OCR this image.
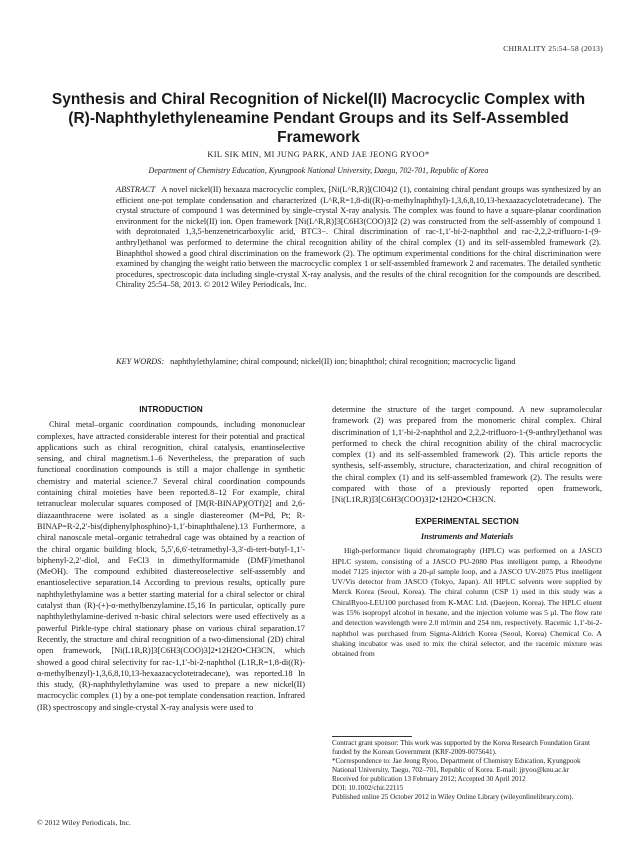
CHIRALITY 25:54–58 (2013)
Synthesis and Chiral Recognition of Nickel(II) Macrocyclic Complex with (R)-Naphthylethyleneamine Pendant Groups and its Self-Assembled Framework
KIL SIK MIN, MI JUNG PARK, AND JAE JEONG RYOO*
Department of Chemistry Education, Kyungpook National University, Daegu, 702-701, Republic of Korea
ABSTRACT A novel nickel(II) hexaaza macrocyclic complex, [Ni(L^R,R)](ClO4)2 (1), containing chiral pendant groups was synthesized by an efficient one-pot template condensation and characterized (L^R,R=1,8-di((R)-α-methylnaphthyl)-1,3,6,8,10,13-hexaazacyclotetradecane). The crystal structure of compound 1 was determined by single-crystal X-ray analysis. The complex was found to have a square-planar coordination environment for the nickel(II) ion. Open framework [Ni(L^R,R)]3[C6H3(COO)3]2 (2) was constructed from the self-assembly of compound 1 with deprotonated 1,3,5-benzenetricarboxylic acid, BTC3−. Chiral discrimination of rac-1,1′-bi-2-naphthol and rac-2,2,2-trifluoro-1-(9-anthryl)ethanol was performed to determine the chiral recognition ability of the chiral complex (1) and its self-assembled framework (2). Binaphthol showed a good chiral discrimination on the framework (2). The optimum experimental conditions for the chiral discrimination were examined by changing the weight ratio between the macrocyclic complex 1 or self-assembled framework 2 and racemates. The detailed synthetic procedures, spectroscopic data including single-crystal X-ray analysis, and the results of the chiral recognition for the compounds are described. Chirality 25:54–58, 2013. © 2012 Wiley Periodicals, Inc.
KEY WORDS: naphthylethylamine; chiral compound; nickel(II) ion; binaphthol; chiral recognition; macrocyclic ligand
INTRODUCTION

Chiral metal–organic coordination compounds, including mononuclear complexes, have attracted considerable interest for their potential and practical applications such as chiral recognition, chiral catalysis, enantioselective sensing, and chiral magnetism.1–6 Nevertheless, the preparation of such functional coordination compounds is still a major challenge in synthetic chemistry and material science.7 Several chiral coordination compounds containing chiral moieties have been reported.8–12 For example, chiral tetranuclear molecular squares composed of [M(R-BINAP)(OTf)2] and 2,6-diazaanthracene were isolated as a single diastereomer (M=Pd, Pt; R-BINAP=R-2,2′-bis(diphenylphosphino)-1,1′-binaphthalene).13 Furthermore, a chiral nanoscale metal–organic tetrahedral cage was obtained by a reaction of the chiral organic building block, 5,5′,6,6′-tetramethyl-3,3′-di-tert-butyl-1,1′-biphenyl-2,2′-diol, and FeCl3 in dimethylformamide (DMF)/methanol (MeOH). The compound exhibited diastereoselective self-assembly and enantioselective separation.14 According to previous results, optically pure naphthylethylamine was a better starting material for a chiral selector or chiral catalyst than (R)-(+)-α-methylbenzylamine.15,16 In particular, optically pure naphthylethylamine-derived π-basic chiral selectors were used effectively as a powerful Pirkle-type chiral stationary phase on various chiral separation.17 Recently, the structure and chiral recognition of a two-dimensional (2D) chiral open framework, [Ni(L1R,R)]3[C6H3(COO)3]2•12H2O•CH3CN, which showed a good chiral selectivity for rac-1,1′-bi-2-naphthol (L1R,R=1,8-di((R)-α-methylbenzyl)-1,3,6,8,10,13-hexaazacyclotetradecane), was reported.18 In this study, (R)-naphthylethylamine was used to prepare a new nickel(II) macrocyclic complex (1) by a one-pot template condensation reaction. Infrared (IR) spectroscopy and single-crystal X-ray analysis were used to

© 2012 Wiley Periodicals, Inc.

determine the structure of the target compound. A new supramolecular framework (2) was prepared from the monomeric chiral complex. Chiral discrimination of 1,1′-bi-2-naphthol and 2,2,2-trifluoro-1-(9-anthryl)ethanol was performed to check the chiral recognition ability of the chiral macrocyclic complex (1) and its self-assembled framework (2). This article reports the synthesis, self-assembly, structure, characterization, and chiral recognition of the chiral complex (1) and its self-assembled framework (2). The results were compared with those of a previously reported open framework, [Ni(L1R,R)]3[C6H3(COO)3]2•12H2O•CH3CN.

EXPERIMENTAL SECTION
Instruments and Materials

High-performance liquid chromatography (HPLC) was performed on a JASCO HPLC system, consisting of a JASCO PU-2080 Plus intelligent pump, a Rheodyne model 7125 injector with a 20-μl sample loop, and a JASCO UV-2075 Plus intelligent UV/Vis detector from JASCO (Tokyo, Japan). All HPLC solvents were supplied by Merck Korea (Seoul, Korea). The chiral column (CSP 1) used in this study was a ChiralRyoo-LEU100 purchased from K-MAC Ltd. (Daejeon, Korea). The HPLC eluent was 15% isopropyl alcohol in hexane, and the injection volume was 5 μl. The flow rate and detection wavelength were 2.0 ml/min and 254 nm, respectively. Racemic 1,1′-bi-2-naphthol was purchased from Sigma-Aldrich Korea (Seoul, Korea) Chemical Co. A shaking incubator was used to mix the chiral selector, and the racemic mixture was obtained from

Contract grant sponsor: This work was supported by the Korea Research Foundation Grant funded by the Korean Government (KRF-2009-0075641).
*Correspondence to: Jae Jeong Ryoo, Department of Chemistry Education, Kyungpook National University, Taegu, 702–701, Republic of Korea. E-mail: jjryoo@knu.ac.kr
Received for publication 13 February 2012; Accepted 30 April 2012
DOI: 10.1002/chir.22115
Published online 25 October 2012 in Wiley Online Library (wileyonlinelibrary.com).
